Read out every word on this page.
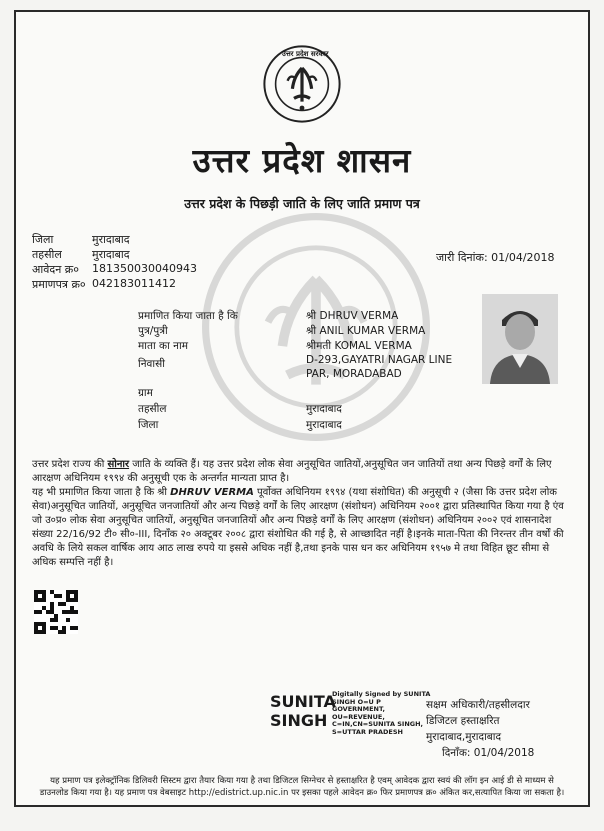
उत्तर प्रदेश सरकार
उत्तर प्रदेश शासन
उत्तर प्रदेश के पिछड़ी जाति के लिए जाति प्रमाण पत्र
जिला	मुरादाबाद
तहसील	मुरादाबाद
आवेदन क्र० 181350030040943
प्रमाणपत्र क्र० 042183011412
जारी दिनांक: 01/04/2018
प्रमाणित किया जाता है कि	श्री DHRUV VERMA
पुत्र/पुत्री	श्री ANIL KUMAR VERMA
माता का नाम	श्रीमती KOMAL VERMA
निवासी	D-293,GAYATRI NAGAR LINE
PAR, MORADABAD
ग्राम
तहसील	मुरादाबाद
जिला	मुरादाबाद
उत्तर प्रदेश राज्य की सोनार जाति के व्यक्ति हैं। यह उत्तर प्रदेश लोक सेवा अनुसूचित जातियों,अनुसूचित जन जातियों तथा अन्य पिछड़े वर्गों के लिए आरक्षण अधिनियम १९९४ की अनुसूची एक के अन्तर्गत मान्यता प्राप्त है।
यह भी प्रमाणित किया जाता है कि श्री DHRUV VERMA पूर्वोक्त अधिनियम १९९४ (यथा संशोधित) की अनुसूची २ (जैसा कि उत्तर प्रदेश लोक सेवा)अनुसूचित जातियों, अनुसूचित जनजातियों और अन्य पिछड़े वर्गों के लिए आरक्षण (संशोधन) अधिनियम २००१ द्वारा प्रतिस्थापित किया गया है एंव जो उ०प्र० लोक सेवा अनुसूचित जातियों, अनुसूचित जनजातियों और अन्य पिछड़े वर्गों के लिए आरक्षण (संशोधन) अधिनियम २००२ एवं शासनादेश संख्या 22/16/92 टी० सी०-III, दिनाँक २० अक्टूबर २००८ द्वारा संशोधित की गई है, से आच्छादित नहीं है।इनके माता-पिता की निरन्तर तीन वर्षों की अवधि के लिये सकल वार्षिक आय आठ लाख रुपये या इससे अधिक नहीं है,तथा इनके पास धन कर अधिनियम १९५७ मे तथा विहित छूट सीमा से अधिक सम्पत्ति नहीं है।
SUNITA
SINGH
Digitally Signed by SUNITA
SINGH O=U P
GOVERNMENT,
OU=REVENUE,
C=IN,CN=SUNITA SINGH,
S=UTTAR PRADESH
सक्षम अधिकारी/तहसीलदार
डिजिटल हस्ताक्षरित
मुरादाबाद,मुरादाबाद
दिनाँक: 01/04/2018
यह प्रमाण पत्र इलेक्ट्रॉनिक डिलिवरी सिस्टम द्वारा तैयार किया गया है तथा डिजिटल सिग्नेचर से हस्ताक्षरित है एवम् आवेदक द्वारा स्वयं की लॉग इन आई डी से माध्यम से
डाउनलोड किया गया है। यह प्रमाण पत्र वेबसाइट http://edistrict.up.nic.in पर इसका पहले आवेदन क्र० फिर प्रमाणपत्र क्र० अंकित कर,सत्यापित किया जा सकता है।
